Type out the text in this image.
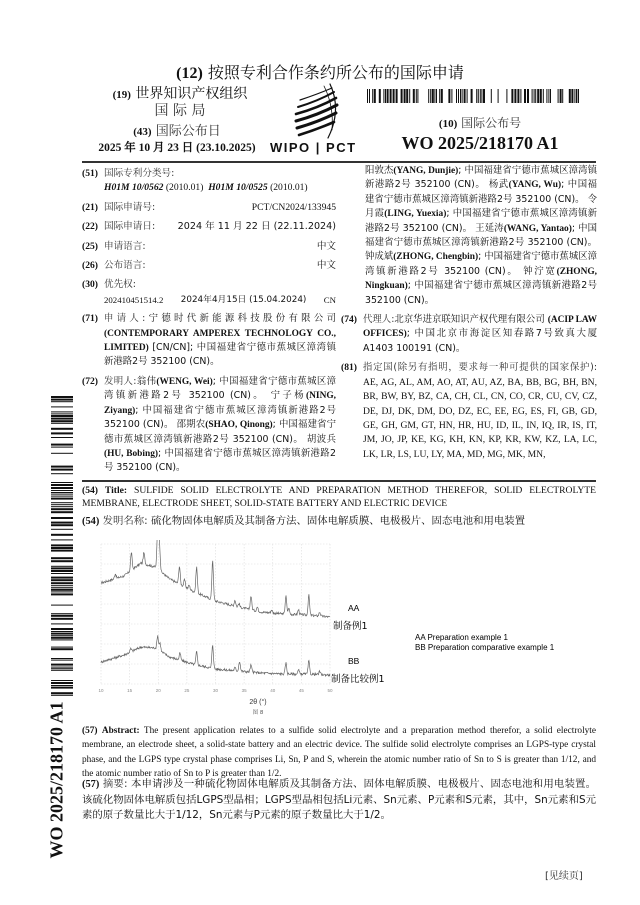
(12) 按照专利合作条约所公布的国际申请
(19) 世界知识产权组织
国 际 局
(43) 国际公布日
2025 年 10 月 23 日 (23.10.2025)	WIPO | PCT
(10) 国际公布号
WO 2025/218170 A1
(51) 国际专利分类号:
H01M 10/0562 (2010.01) H01M 10/0525 (2010.01)
(21) 国际申请号:	PCT/CN2024/133945
(22) 国际申请日: 2024 年 11 月 22 日 (22.11.2024)
(25) 申请语言:	中文
(26) 公布语言:	中文
(30) 优先权:
202410451514.2 2024年4月15日 (15.04.2024) CN
(71) 申请人:宁德时代新能源科技股份有限公司 (CONTEMPORARY AMPEREX TECHNOLOGY CO., LIMITED) [CN/CN]; 中国福建省宁德市蕉城区漳湾镇新港路2号 352100 (CN)。
(72) 发明人:翁伟(WENG, Wei); 中国福建省宁德市蕉城区漳湾镇新港路2号 352100 (CN)。 宁子杨(NING, Ziyang); 中国福建省宁德市蕉城区漳湾镇新港路2号 352100 (CN)。 邵期农(SHAO, Qinong); 中国福建省宁德市蕉城区漳湾镇新港路2号 352100 (CN)。 胡波兵(HU, Bobing); 中国福建省宁德市蕉城区漳湾镇新港路2号 352100 (CN)。
阳敦杰(YANG, Dunjie); 中国福建省宁德市蕉城区漳湾镇新港路2号 352100 (CN)。 杨武(YANG, Wu); 中国福建省宁德市蕉城区漳湾镇新港路2号 352100 (CN)。 令月霞(LING, Yuexia); 中国福建省宁德市蕉城区漳湾镇新港路2号 352100 (CN)。 王延涛(WANG, Yantao); 中国福建省宁德市蕉城区漳湾镇新港路2号 352100 (CN)。 钟成斌(ZHONG, Chengbin); 中国福建省宁德市蕉城区漳湾镇新港路2号 352100 (CN)。 钟泞宽(ZHONG, Ningkuan); 中国福建省宁德市蕉城区漳湾镇新港路2号 352100 (CN)。
(74) 代理人:北京华进京联知识产权代理有限公司 (ACIP LAW OFFICES); 中国北京市海淀区知春路7号致真大厦A1403 100191 (CN)。
(81) 指定国(除另有指明，要求每一种可提供的国家保护): AE, AG, AL, AM, AO, AT, AU, AZ, BA, BB, BG, BH, BN, BR, BW, BY, BZ, CA, CH, CL, CN, CO, CR, CU, CV, CZ, DE, DJ, DK, DM, DO, DZ, EC, EE, EG, ES, FI, GB, GD, GE, GH, GM, GT, HN, HR, HU, ID, IL, IN, IQ, IR, IS, IT, JM, JO, JP, KE, KG, KH, KN, KP, KR, KW, KZ, LA, LC, LK, LR, LS, LU, LY, MA, MD, MG, MK, MN,
(54) Title: SULFIDE SOLID ELECTROLYTE AND PREPARATION METHOD THEREFOR, SOLID ELECTROLYTE MEMBRANE, ELECTRODE SHEET, SOLID-STATE BATTERY AND ELECTRIC DEVICE
(54) 发明名称: 硫化物固体电解质及其制备方法、固体电解质膜、电极极片、固态电池和用电装置
10	15	20	25	30	35	40	45	50
AA
制备例1
BB
制备比较例1
AA Preparation example 1
BB Preparation comparative example 1
2θ (°)
图 8
(57) Abstract: The present application relates to a sulfide solid electrolyte and a preparation method therefor, a solid electrolyte membrane, an electrode sheet, a solid-state battery and an electric device. The sulfide solid electrolyte comprises an LGPS-type crystal phase, and the LGPS type crystal phase comprises Li, Sn, P and S, wherein the atomic number ratio of Sn to S is greater than 1/12, and the atomic number ratio of Sn to P is greater than 1/2.
(57) 摘要: 本申请涉及一种硫化物固体电解质及其制备方法、固体电解质膜、电极极片、固态电池和用电装置。该硫化物固体电解质包括LGPS型晶相；LGPS型晶相包括Li元素、Sn元素、P元素和S元素，其中，Sn元素和S元素的原子数量比大于1/12，Sn元素与P元素的原子数量比大于1/2。
[见续页]
WO 2025/218170 A1
